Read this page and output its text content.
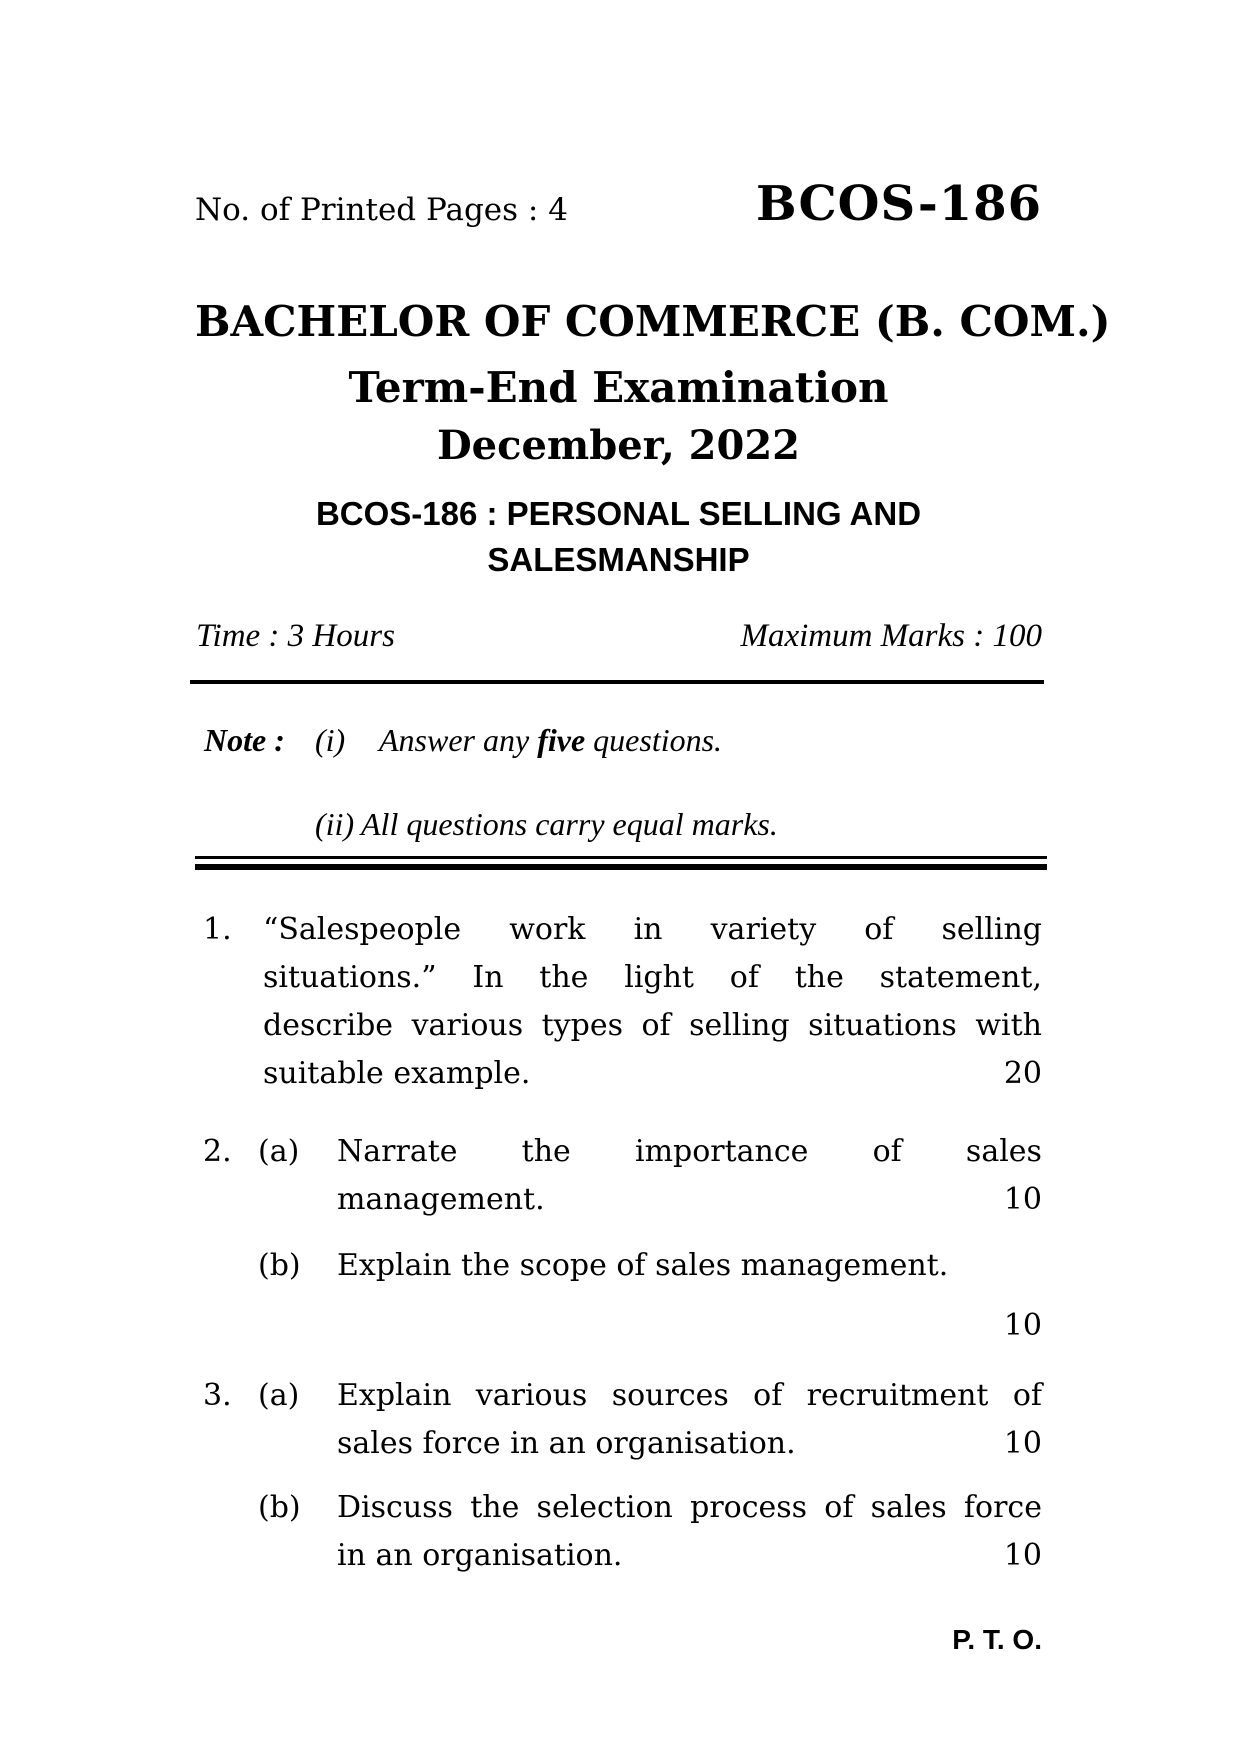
No. of Printed Pages : 4	BCOS-186
BACHELOR OF COMMERCE (B. COM.)
Term-End Examination
December, 2022
BCOS-186 : PERSONAL SELLING AND
SALESMANSHIP
Time : 3 Hours	Maximum Marks : 100
Note : (i)	Answer any five questions.
(ii) All questions carry equal marks.
1.	“Salespeople work in variety of selling
situations.” In the light of the statement,
describe various types of selling situations with
suitable example.	20
2. (a)	Narrate the importance of sales
management.	10
(b)	Explain the scope of sales management.
10
3. (a)	Explain various sources of recruitment of
sales force in an organisation.	10
(b)	Discuss the selection process of sales force
in an organisation.	10
P. T. O.
